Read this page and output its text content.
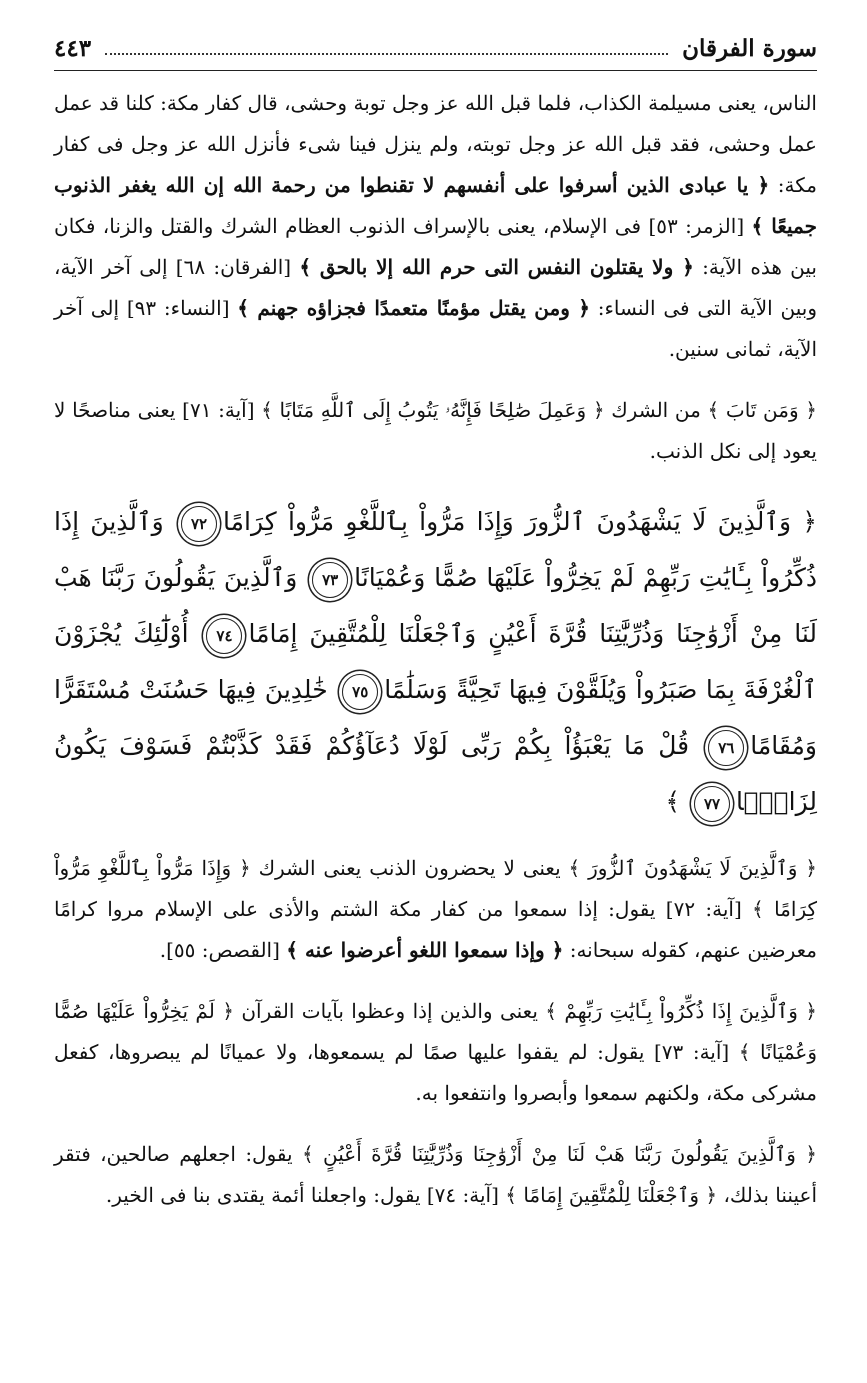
سورة الفرقان
٤٤٣

الناس، يعنى مسيلمة الكذاب، فلما قبل الله عز وجل توبة وحشى، قال كفار مكة: كلنا قد عمل عمل وحشى، فقد قبل الله عز وجل توبته، ولم ينزل فينا شىء فأنزل الله عز وجل فى كفار مكة: ﴿ يا عبادى الذين أسرفوا على أنفسهم لا تقنطوا من رحمة الله إن الله يغفر الذنوب جميعًا ﴾ [الزمر: ٥٣] فى الإسلام، يعنى بالإسراف الذنوب العظام الشرك والقتل والزنا، فكان بين هذه الآية: ﴿ ولا يقتلون النفس التى حرم الله إلا بالحق ﴾ [الفرقان: ٦٨] إلى آخر الآية، وبين الآية التى فى النساء: ﴿ ومن يقتل مؤمنًا متعمدًا فجزاؤه جهنم ﴾ [النساء: ٩٣] إلى آخر الآية، ثمانى سنين.

﴿ وَمَن تَابَ ﴾ من الشرك ﴿ وَعَمِلَ صَٰلِحًا فَإِنَّهُۥ يَتُوبُ إِلَى ٱللَّهِ مَتَابًا ﴾ [آية: ٧١] يعنى مناصحًا لا يعود إلى نكل الذنب.

﴿ وَٱلَّذِينَ لَا يَشْهَدُونَ ٱلزُّورَ وَإِذَا مَرُّواْ بِٱللَّغْوِ مَرُّواْ كِرَامًا٧٢ وَٱلَّذِينَ إِذَا ذُكِّرُواْ بِـَٔايَٰتِ رَبِّهِمْ لَمْ يَخِرُّواْ عَلَيْهَا صُمًّا وَعُمْيَانًا٧٣ وَٱلَّذِينَ يَقُولُونَ رَبَّنَا هَبْ لَنَا مِنْ أَزْوَٰجِنَا وَذُرِّيَّٰتِنَا قُرَّةَ أَعْيُنٍ وَٱجْعَلْنَا لِلْمُتَّقِينَ إِمَامًا٧٤ أُوْلَٰٓئِكَ يُجْزَوْنَ ٱلْغُرْفَةَ بِمَا صَبَرُواْ وَيُلَقَّوْنَ فِيهَا تَحِيَّةً وَسَلَٰمًا٧٥ خَٰلِدِينَ فِيهَا حَسُنَتْ مُسْتَقَرًّا وَمُقَامًا٧٦ قُلْ مَا يَعْبَؤُاْ بِكُمْ رَبِّى لَوْلَا دُعَآؤُكُمْ فَقَدْ كَذَّبْتُمْ فَسَوْفَ يَكُونُ لِزَامًۢا٧٧ ﴾

﴿ وَٱلَّذِينَ لَا يَشْهَدُونَ ٱلزُّورَ ﴾ يعنى لا يحضرون الذنب يعنى الشرك ﴿ وَإِذَا مَرُّواْ بِٱللَّغْوِ مَرُّواْ كِرَامًا ﴾ [آية: ٧٢] يقول: إذا سمعوا من كفار مكة الشتم والأذى على الإسلام مروا كرامًا معرضين عنهم، كقوله سبحانه: ﴿ وإذا سمعوا اللغو أعرضوا عنه ﴾ [القصص: ٥٥].

﴿ وَٱلَّذِينَ إِذَا ذُكِّرُواْ بِـَٔايَٰتِ رَبِّهِمْ ﴾ يعنى والذين إذا وعظوا بآيات القرآن ﴿ لَمْ يَخِرُّواْ عَلَيْهَا صُمًّا وَعُمْيَانًا ﴾ [آية: ٧٣] يقول: لم يقفوا عليها صمًا لم يسمعوها، ولا عميانًا لم يبصروها، كفعل مشركى مكة، ولكنهم سمعوا وأبصروا وانتفعوا به.

﴿ وَٱلَّذِينَ يَقُولُونَ رَبَّنَا هَبْ لَنَا مِنْ أَزْوَٰجِنَا وَذُرِّيَّٰتِنَا قُرَّةَ أَعْيُنٍ ﴾ يقول: اجعلهم صالحين، فتقر أعيننا بذلك، ﴿ وَٱجْعَلْنَا لِلْمُتَّقِينَ إِمَامًا ﴾ [آية: ٧٤] يقول: واجعلنا أئمة يقتدى بنا فى الخير.
